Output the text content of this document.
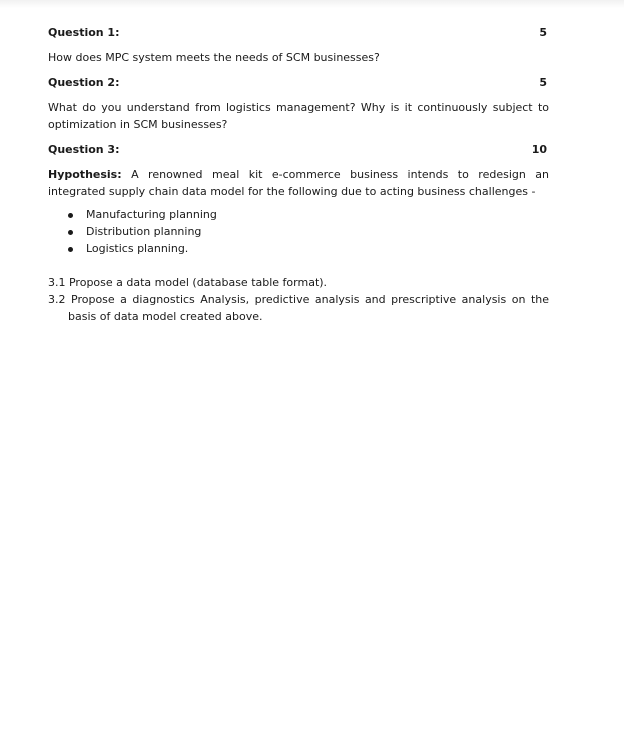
Question 1:	5

How does MPC system meets the needs of SCM businesses?

Question 2:	5

What do you understand from logistics management? Why is it continuously subject to optimization in SCM businesses?

Question 3:	10

Hypothesis: A renowned meal kit e-commerce business intends to redesign an integrated supply chain data model for the following due to acting business challenges -

Manufacturing planning
Distribution planning
Logistics planning.

3.1 Propose a data model (database table format).

3.2 Propose a diagnostics Analysis, predictive analysis and prescriptive analysis on the basis of data model created above.
